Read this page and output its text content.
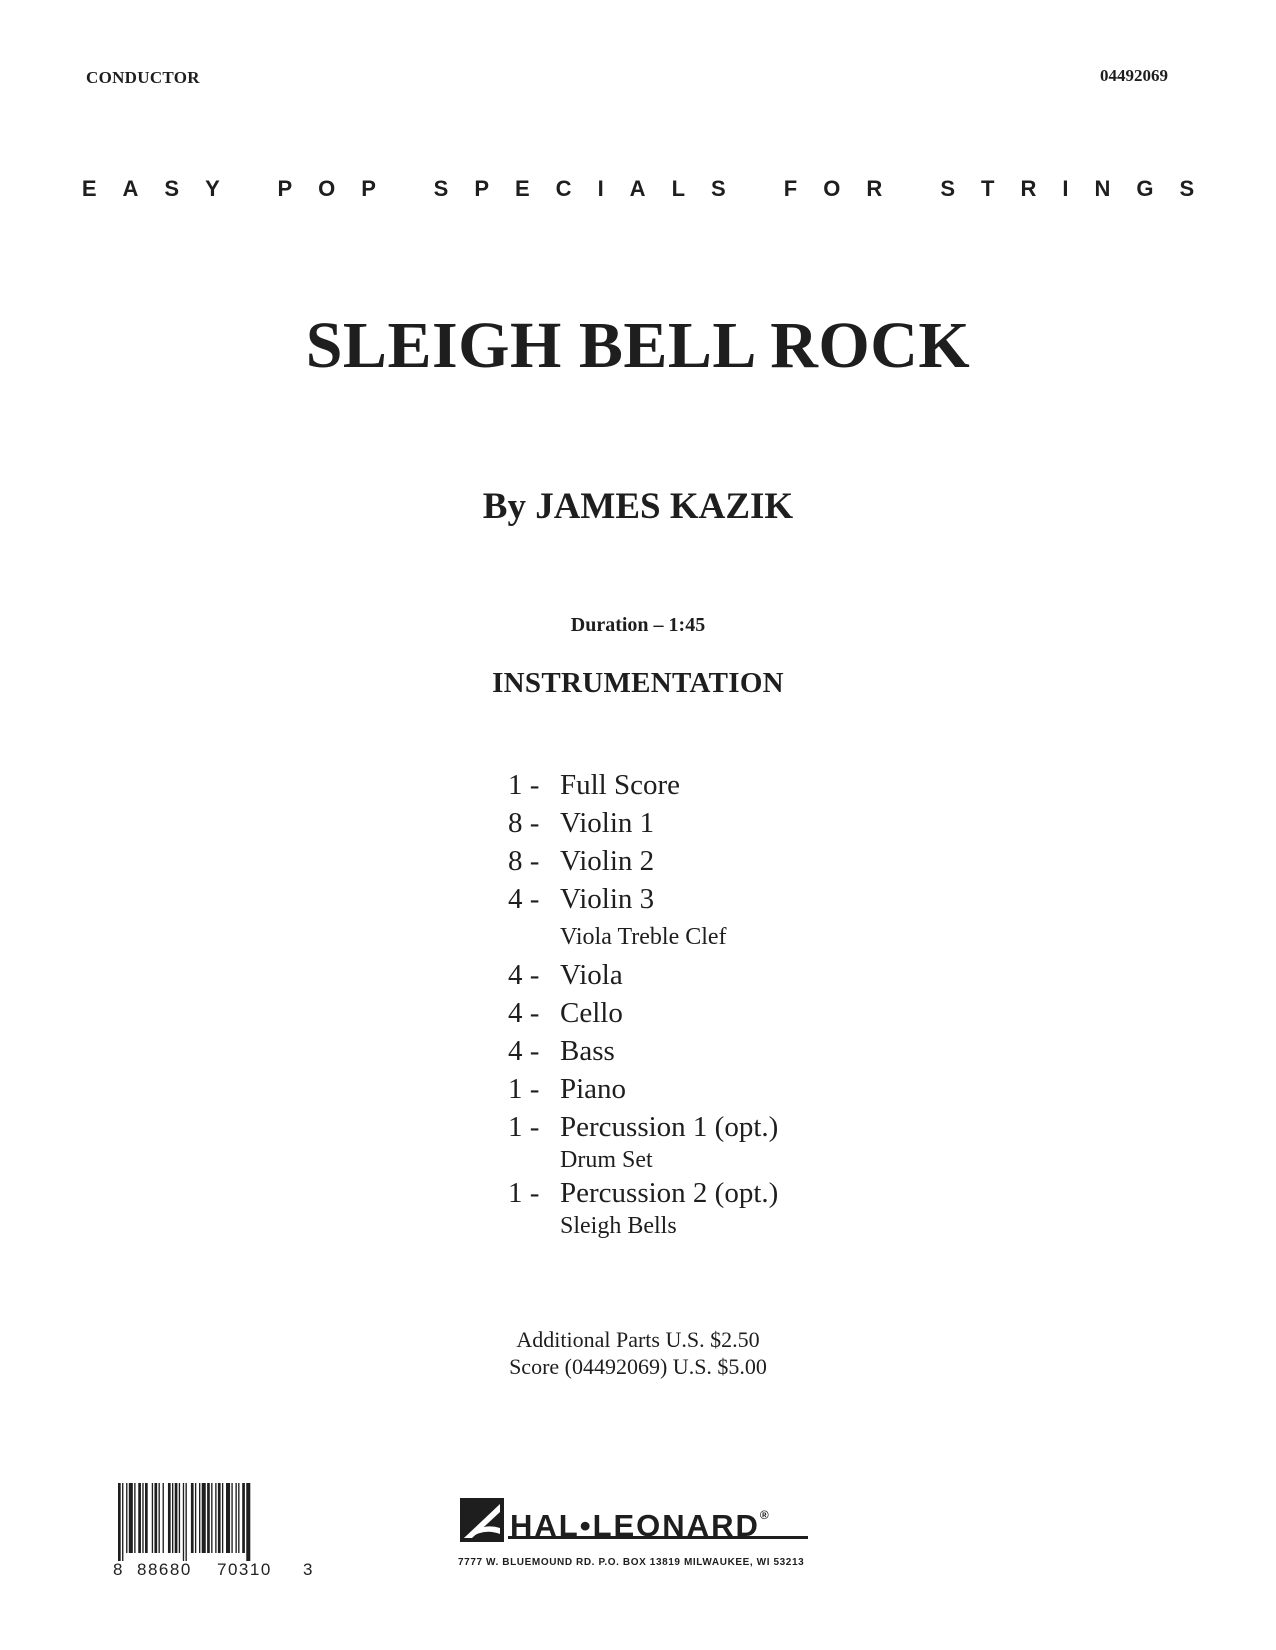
CONDUCTOR	04492069
EASY POP SPECIALS FOR STRINGS
SLEIGH BELL ROCK
By JAMES KAZIK
Duration – 1:45
INSTRUMENTATION
1 - Full Score
8 - Violin 1
8 - Violin 2
4 - Violin 3
Viola Treble Clef
4 - Viola
4 - Cello
4 - Bass
1 - Piano
1 - Percussion 1 (opt.)
Drum Set
1 - Percussion 2 (opt.)
Sleigh Bells
Additional Parts U.S. $2.50
Score (04492069) U.S. $5.00
8 88680 70310 3
HAL•LEONARD®
7777 W. BLUEMOUND RD. P.O. BOX 13819 MILWAUKEE, WI 53213
